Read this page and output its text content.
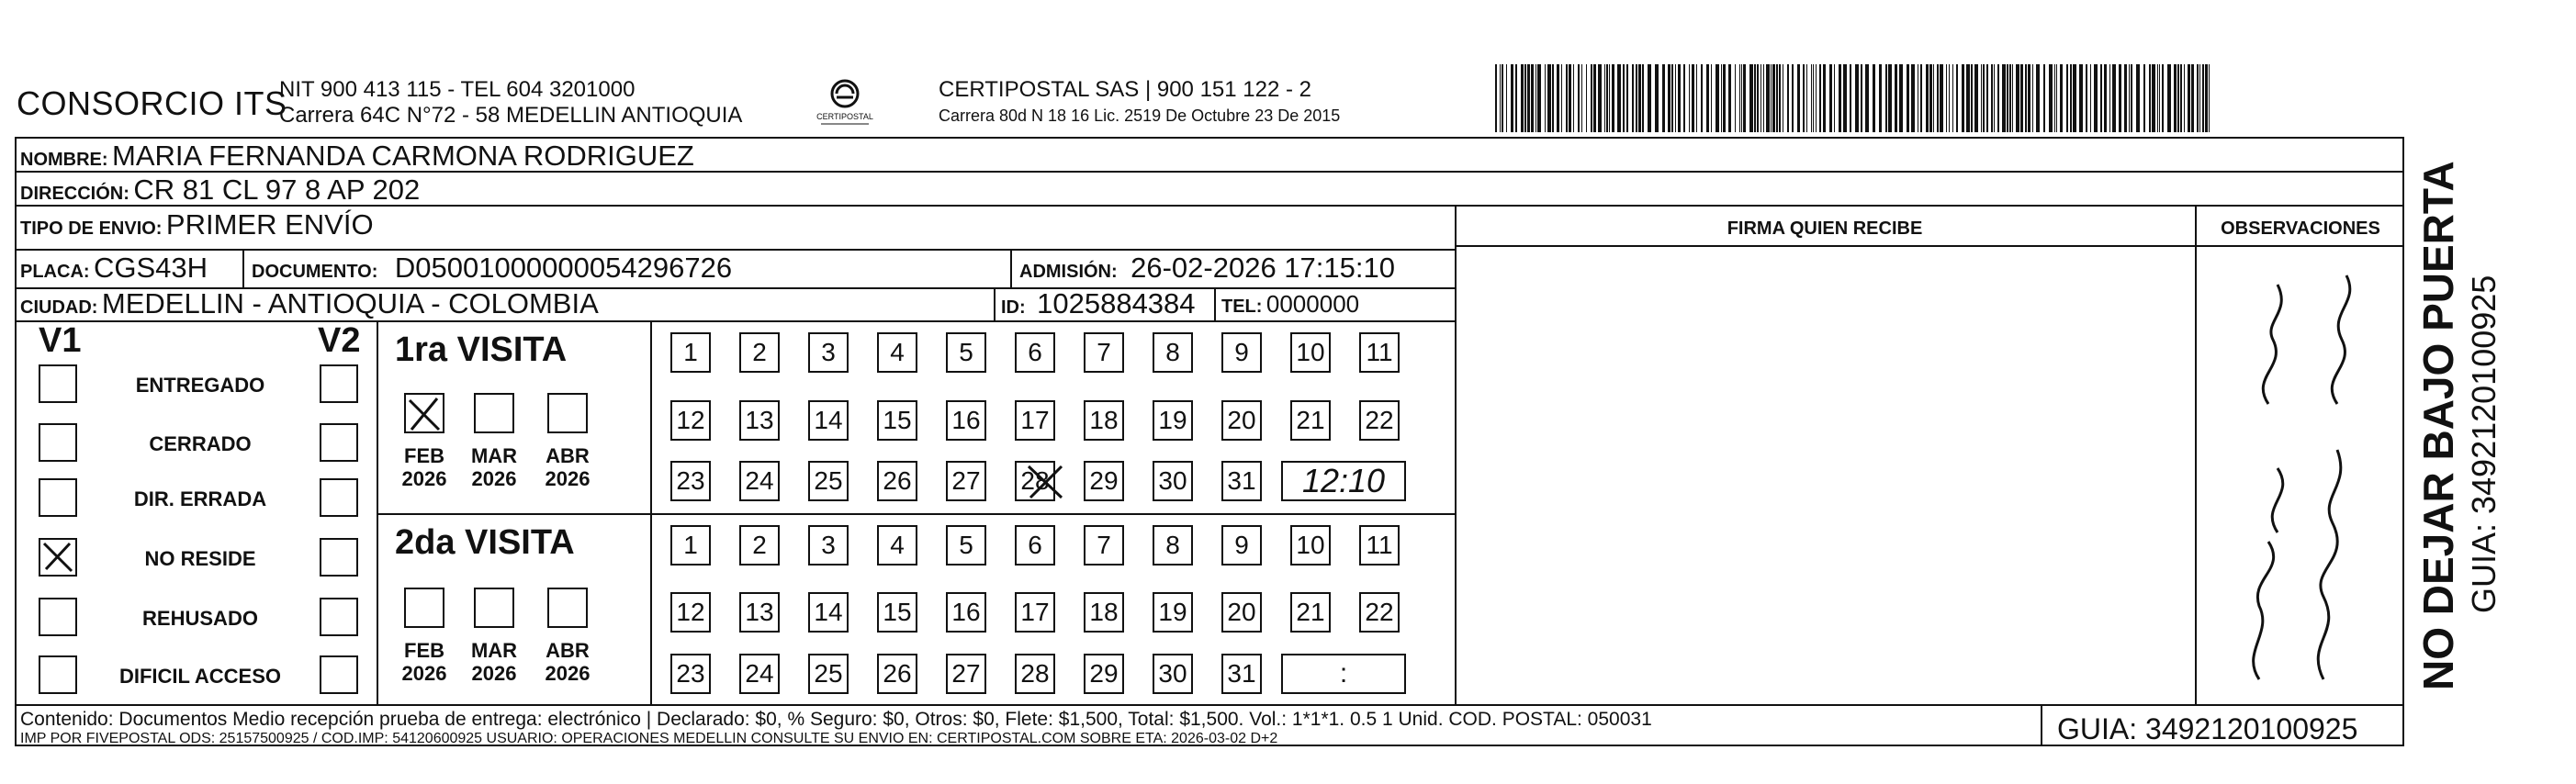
CONSORCIO ITS
NIT 900 413 115 - TEL 604 3201000
Carrera 64C N°72 - 58 MEDELLIN ANTIOQUIA	CERTIPOSTAL
CERTIPOSTAL SAS | 900 151 122 - 2
Carrera 80d N 18 16 Lic. 2519 De Octubre 23 De 2015
NOMBRE: MARIA FERNANDA CARMONA RODRIGUEZ
DIRECCIÓN: CR 81 CL 97 8 AP 202
TIPO DE ENVIO: PRIMER ENVÍO	FIRMA QUIEN RECIBE	OBSERVACIONES
PLACA: CGS43H DOCUMENTO: D05001000000054296726	ADMISIÓN: 26-02-2026 17:15:10
CIUDAD: MEDELLIN - ANTIOQUIA - COLOMBIA	ID: 1025884384 TEL: 0000000
V1	V2
ENTREGADO
CERRADO
DIR. ERRADA
NO RESIDE
REHUSADO
DIFICIL ACCESO
1ra VISITA
2da VISITA
FEB
2026
MAR
2026
ABR
2026
FEB
2026
MAR
2026
ABR
2026
1	2	3	4	5	6	7	8	9	10 11
12 13 14 15 16 17 18 19 20 21 22
23 24 25 26 27 28 29 30 31	12:10
1	2	3	4	5	6	7	8	9	10 11
12 13 14 15 16 17 18 19 20 21 22
23 24 25 26 27 28 29 30 31	:
Contenido: Documentos Medio recepción prueba de entrega: electrónico | Declarado: $0, % Seguro: $0, Otros: $0, Flete: $1,500, Total: $1,500. Vol.: 1*1*1. 0.5 1 Unid. COD. POSTAL: 050031
IMP POR FIVEPOSTAL ODS: 25157500925 / COD.IMP: 54120600925 USUARIO: OPERACIONES MEDELLIN CONSULTE SU ENVIO EN: CERTIPOSTAL.COM SOBRE ETA: 2026-03-02 D+2	GUIA: 3492120100925
NO DEJAR BAJO PUERTA GUIA: 3492120100925
